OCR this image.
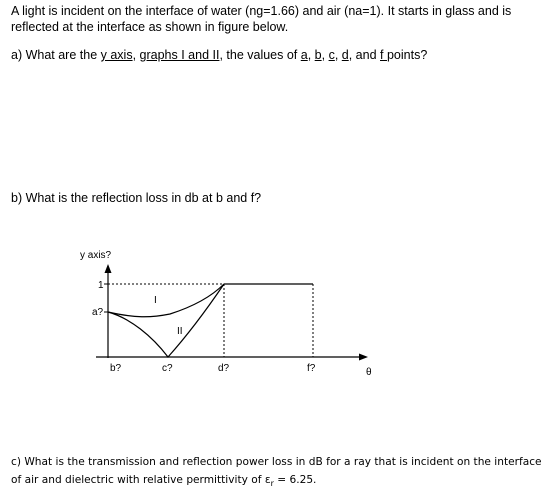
A light is incident on the interface of water (ng=1.66) and air (na=1). It starts in glass and is
reflected at the interface as shown in figure below.

a) What are the y axis, graphs I and II, the values of a, b, c, d, and f points?

b) What is the reflection loss in db at b and f?

y axis?
1
a?
b?	c?	d?	f?	θ
I
II

c) What is the transmission and reflection power loss in dB for a ray that is incident on the interface
of air and dielectric with relative permittivity of $\varepsilon_r = 6.25$.
